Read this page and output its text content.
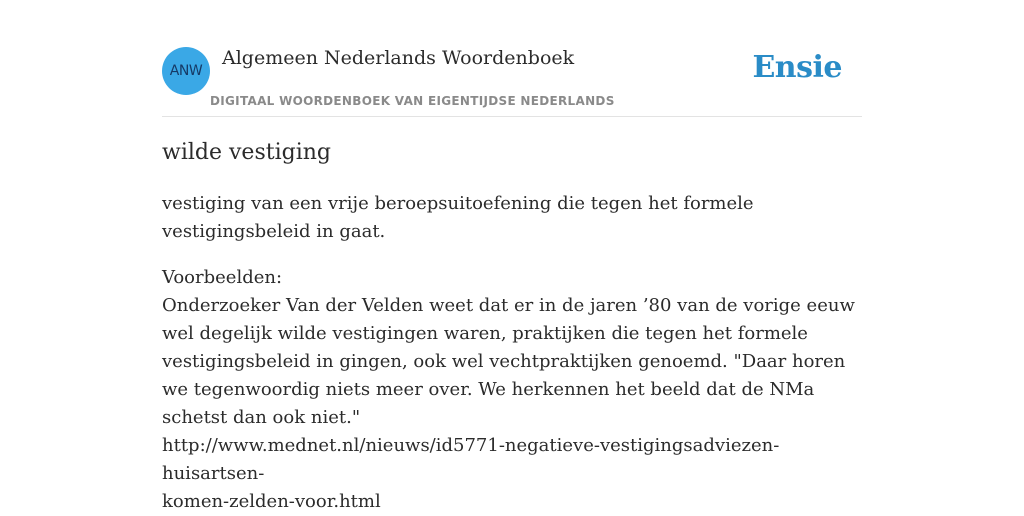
ANW
Algemeen Nederlands Woordenboek
DIGITAAL WOORDENBOEK VAN EIGENTIJDSE NEDERLANDS
Ensie
wilde vestiging

vestiging van een vrije beroepsuitoefening die tegen het formele vestigingsbeleid in gaat.

Voorbeelden:
Onderzoeker Van der Velden weet dat er in de jaren ’80 van de vorige eeuw wel degelijk wilde vestigingen waren, praktijken die tegen het formele vestigingsbeleid in gingen, ook wel vechtpraktijken genoemd. "Daar horen we tegenwoordig niets meer over. We herkennen het beeld dat de NMa schetst dan ook niet."
http://www.mednet.nl/nieuws/id5771-negatieve-vestigingsadviezen-huisartsen-
komen-zelden-voor.html
